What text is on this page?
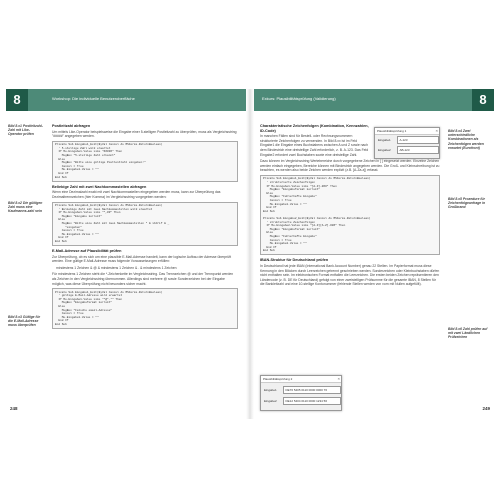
8	Workshop: Die individuelle Benutzeroberfläche
Bild 8.x1 Postleitzahl-Zahl mit Like-Operator prüfen
Bild 8.x2 Die gültigen Zahl muss eine Kaufmanns-zahl sein
Bild 8.x3 Gültige für die E-Mail-Adresse muss überprüfen
Postleitzahl abfragen
Um mittels Like-Operator beispielsweise die Eingabe einer 5-stelligen Postleitzahl zu überprüfen, muss als Vergleichsstring "#####" angegeben werden.
Private Sub Eingabe1_Exit(ByVal Cancel As MSForms.ReturnBoolean)
' 5-stellige Zahl wird erwartet
If Me.Eingabe1.Value Like "#####" Then
MsgBox "5-stellige Zahl erkannt"
Else
MsgBox "Bitte eine gültige Postleitzahl eingeben!"
Cancel = True
Me.Eingabe1.Value = ""
End If
End Sub
Beliebige Zahl mit zwei Nachkommastellen abfragen
Wenn eine Dezimalzahl exakt mit zwei Nachkommastellen eingegeben werden muss, kann zur Überprüfung das Dezimaltrennzeichen (hier Komma) im Vergleichsstring vorgegeben werden:
Private Sub Eingabe1_Exit(ByVal Cancel As MSForms.ReturnBoolean)
' Beliebige Zahl mit zwei Nachkommastellen wird erwartet
If Me.Eingabe1.Value Like "*,##" Then
MsgBox "Eingabe korrekt"
Else
MsgBox "Bitte eine Zahl mit zwei Nachkommastellen " & vbCrLf & _
"eingeben"
Cancel = True
Me.Eingabe1.Value = ""
End If
End Sub
E-Mail-Adresse auf Plausibilität prüfen
Zur Überprüfung, ob es sich um eine plausible E-Mail-Adresse handelt, kann der logische Aufbau der Adresse überprüft werden. Eine gültige E-Mail-Adresse muss folgende Voraussetzungen erfüllen:
mindestens 1 Zeichen & @ & mindestens 1 Zeichen & . & mindestens 1 Zeichen
Für mindestens 1 Zeichen steht die *-Zeichenkette im Vergleichsstring. Das Trennzeichen @ und der Trennpunkt werden als Zeichen in den Vergleichsstring übernommen. Allerdings sind mehrere @ sowie Sonderzeichen bei der Eingabe möglich, was diese Überprüfung nicht besonders sicher macht.
Private Sub Eingabe1_Exit(ByVal Cancel As MSForms.ReturnBoolean)
' gültige E-Mail-Adresse wird erwartet
If Me.Eingabe1.Value Like "*@*.*" Then
MsgBox "Eingabeformat korrekt"
Else
MsgBox "Falsche email-Adresse"
Cancel = True
Me.Eingabe1.Value = ""
End If
End Sub
248
8
Exkurs: Plausibilitätsprüfung (Validierung)
Bild 8.x4 Zwei unterschiedliche Kombinationen als Zeichenfolgen werden erwartet (Eurofront)
Bild 8.x5 Prozedure für Zeichenfolgeanfrage in Großbrand
Bild 8.x6 Zahl prüfen auf mit zwei Ländlichen Prüfzeichen
Charakteristische Zeichenfolgen (Kombination, Kennzahlen, ID-Code)
In manchen Fällen sind für Bestell- oder Rechnungsnummern strukturierte Zeichenfolgen zu verwenden. In Bild 8.xx ist im Feld Eingabe1 die Eingabe eines Buchstabens zwischen A und Z sowie nach dem Bindestrich eine dreistellige Zahl erforderlich, z. B. A-123. Das Feld Eingabe2 erfordert zwei Buchstaben sowie eine dreistellige Zahl.
Dazu können im Vergleichsstring Wertebereiche durch vorgegebene Zeichen in [ ] eingesetzt werden. Einzelne Zeichen werden einfach eingegeben, Bereiche können mit Bindestrich angegeben werden. Die Groß- und Kleinschreibung ist zu beachten, es werden also beide Zeichen werden explizit (z.B. [A-Za-z]) erfasst.
Private Sub Eingabe1_Exit(ByVal Cancel As MSForms.ReturnBoolean)
' strukturierte Zeichenfolgen
If Me.Eingabe1.Value Like "[A-Z]-###" Then
MsgBox "Eingabeformat korrekt"
Else
MsgBox "Fehlerhafte Eingabe"
Cancel = True
Me.Eingabe1.Value = ""
End If
End Sub

Private Sub Eingabe2_Exit(ByVal Cancel As MSForms.ReturnBoolean)
' strukturierte Zeichenfolgen
If Me.Eingabe2.Value Like "[A-Z][A-Z]-###" Then
MsgBox "Eingabeformat korrekt"
Else
MsgBox "Fehlerhafte Eingabe"
Cancel = True
Me.Eingabe2.Value = ""
End If
End Sub
IBAN-Struktur für Deutschland prüfen
In Deutschland hat jede IBAN (International Bank Account Number) genau 22 Stellen. Im Papierformat muss diese Kennung in den Blöcken durch Leerzeichen getrennt geschrieben werden. Sonderzeichen oder Kleinbuchstaben dürfen nicht enthalten sein. Im elektronischen Format entfallen die Leerzeichen. Die ersten beiden Zeichen repräsentieren den Ländercode (z. B. DE für Deutschland) gefolgt von einer zweistelligen Prüfsumme für die gesamte IBAN, 8 Stellen für die Bankleitzahl und eine 10-stellige Kontonummer (fehlende Stellen werden von vorn mit Nullen aufgefüllt).
Plausibilitätsprüfung 1	✕
Eingabe1	A-123
Eingabe2	AB-123
Plausibilitätsprüfung 2	✕
Eingabe1	DE76 5405 0110 0000 0000 76
Eingabe2	DE12 5404 0110 0000 1234 56
249
